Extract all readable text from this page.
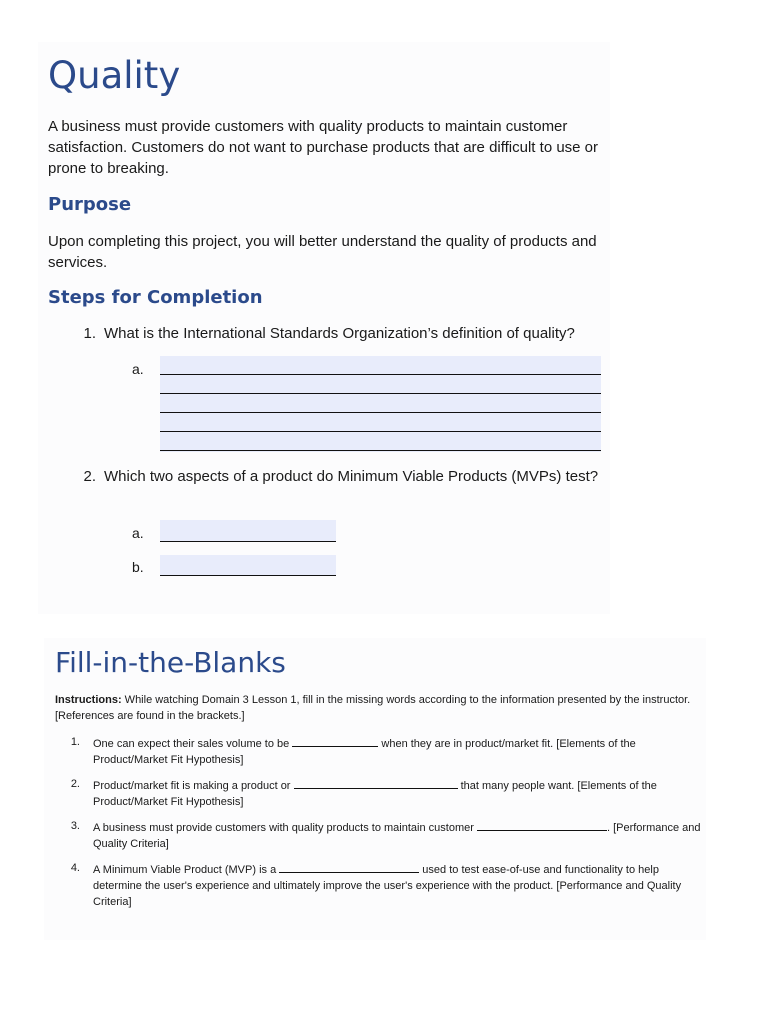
Quality

A business must provide customers with quality products to maintain customer satisfaction. Customers do not want to purchase products that are difficult to use or prone to breaking.

Purpose

Upon completing this project, you will better understand the quality of products and services.

Steps for Completion
1. What is the International Standards Organization’s definition of quality?
a.
2. Which two aspects of a product do Minimum Viable Products (MVPs) test?
a.
b.
Fill-in-the-Blanks

Instructions: While watching Domain 3 Lesson 1, fill in the missing words according to the information presented by the instructor. [References are found in the brackets.]

1. One can expect their sales volume to be	when they are in product/market fit. [Elements of the Product/Market Fit Hypothesis]

2. Product/market fit is making a product or	that many people want. [Elements of the Product/Market Fit Hypothesis]

3. A business must provide customers with quality products to maintain customer	. [Performance and Quality Criteria]

4. A Minimum Viable Product (MVP) is a	used to test ease-of-use and functionality to help determine the user's experience and ultimately improve the user's experience with the product. [Performance and Quality Criteria]
